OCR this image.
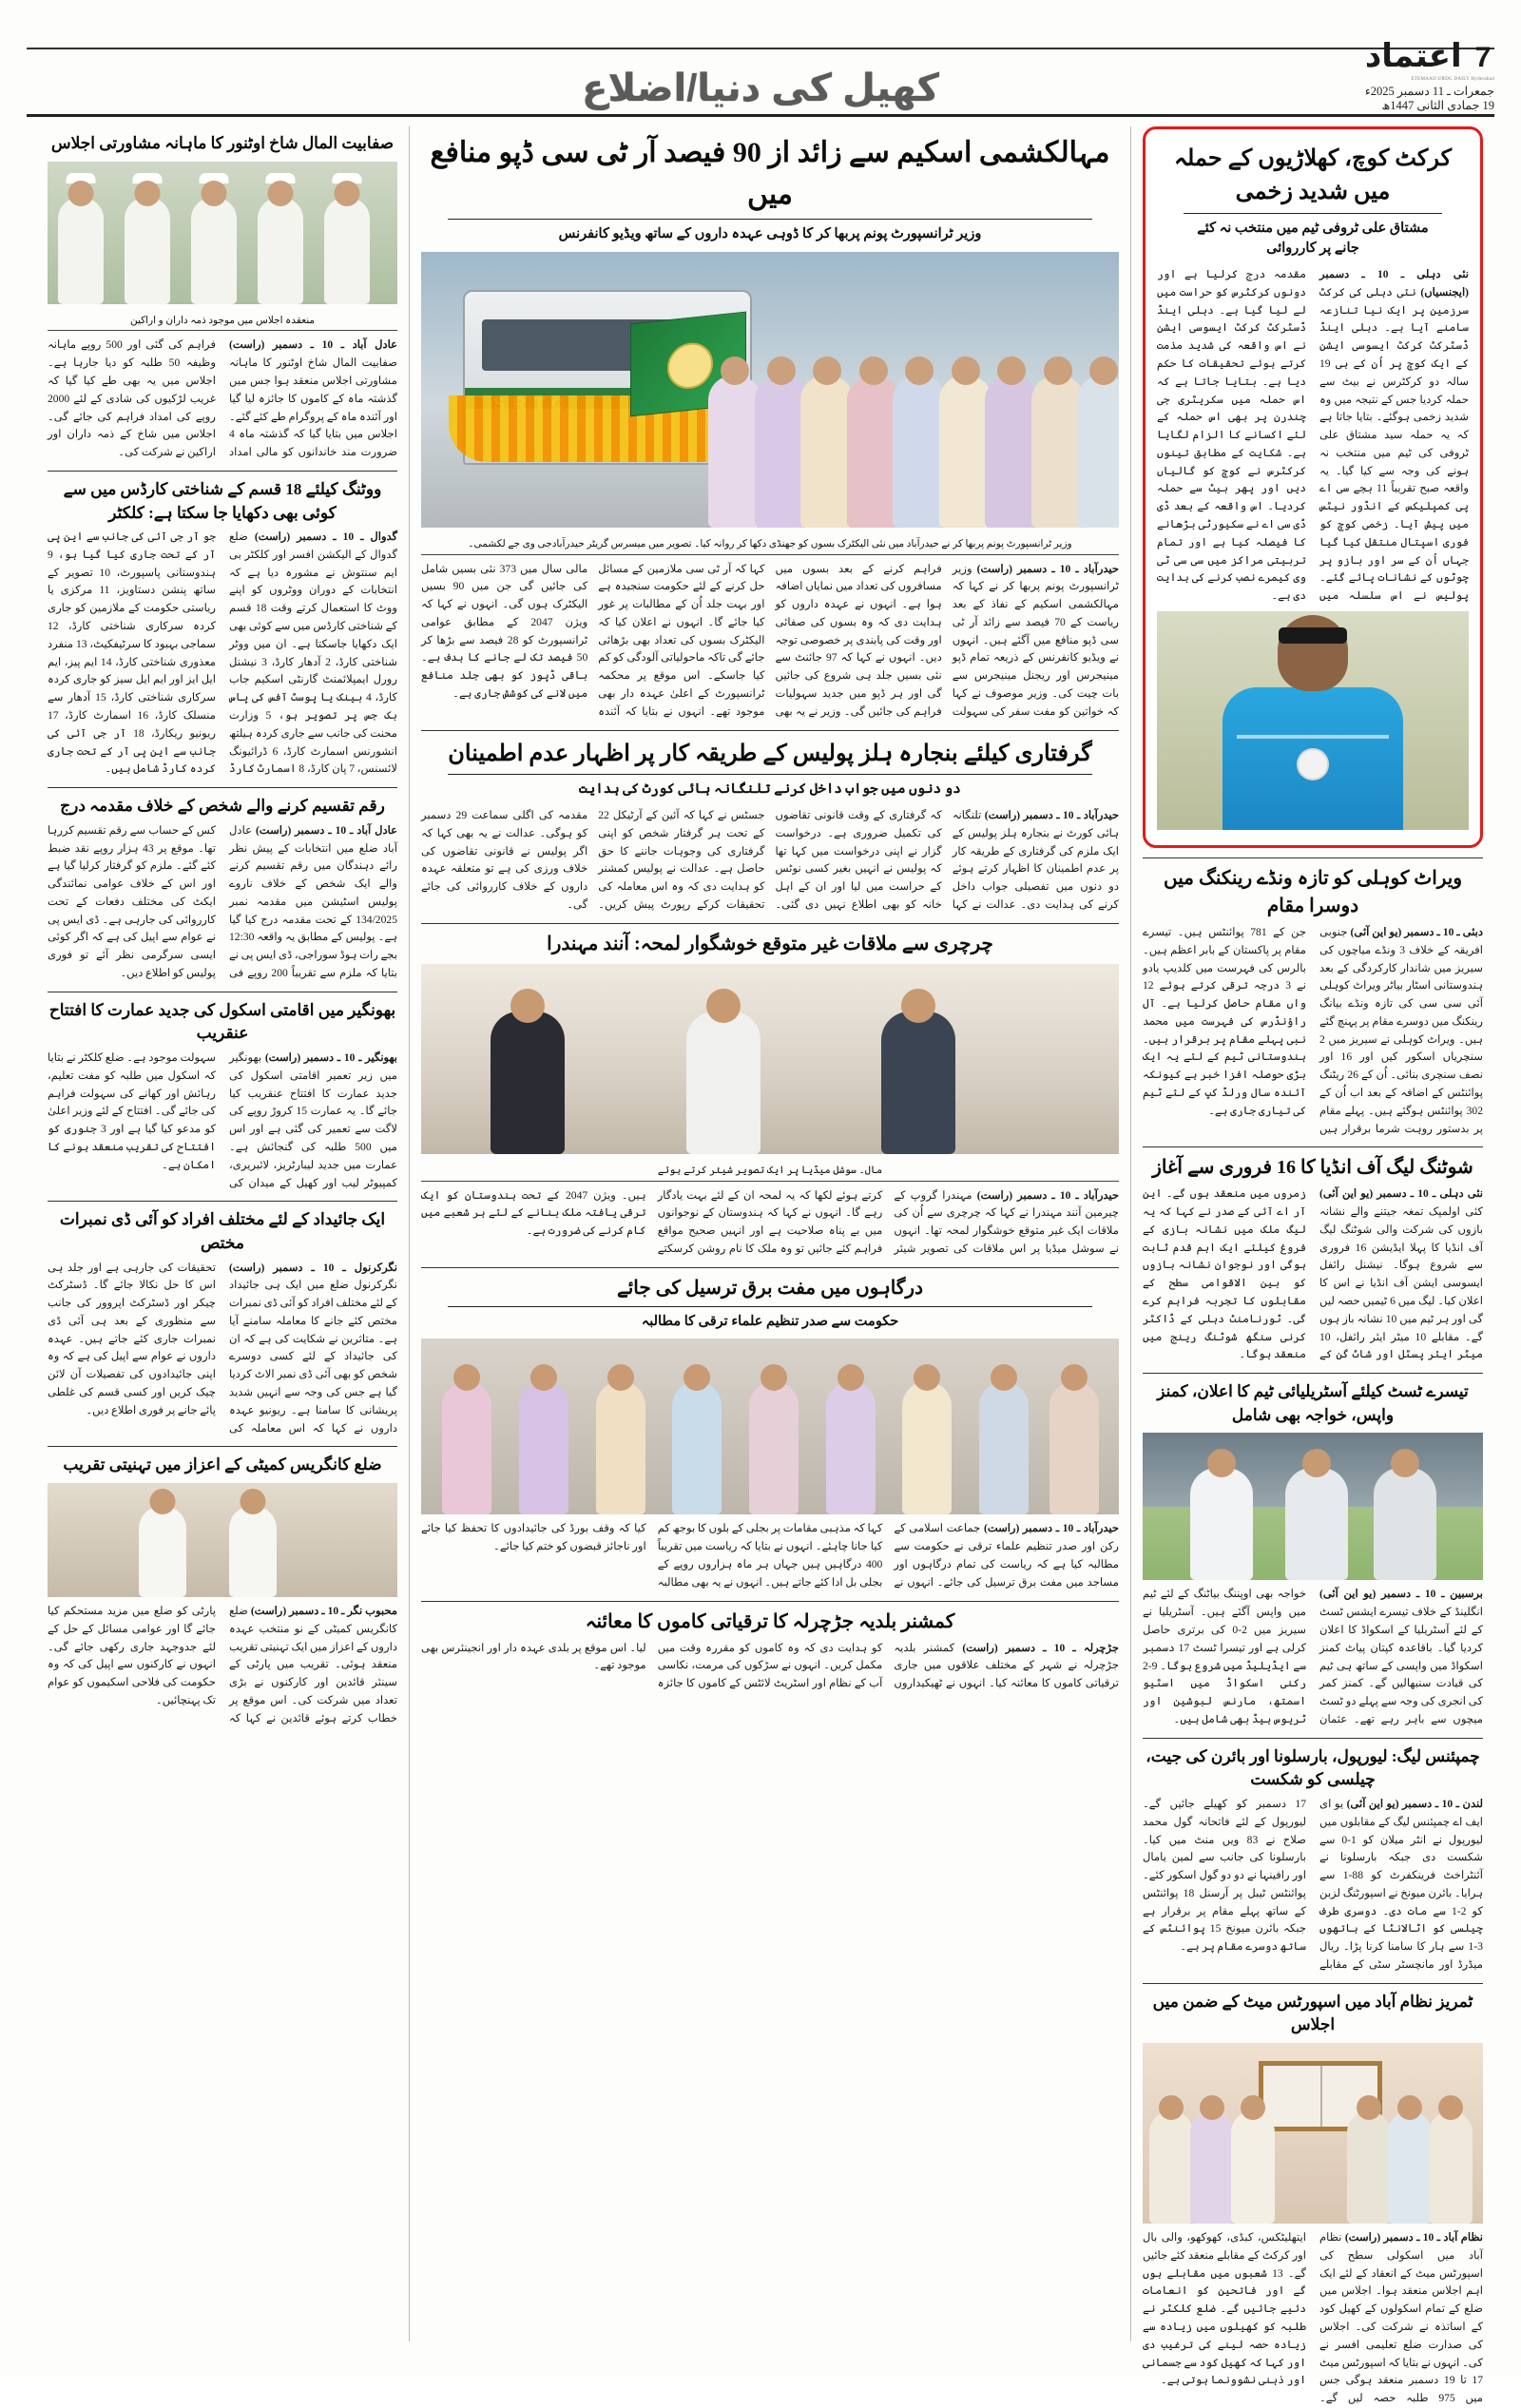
7
اعتماد
ETEMAAD URDU DAILY Hyderabad
جمعرات ـ 11 دسمبر 2025ء
19 جمادی الثانی 1447ھ
کھیل کی دنیا/اضلاع
کرکٹ کوچ، کھلاڑیوں کے حملہ میں شدید زخمی
مشتاق علی ٹروفی ٹیم میں منتخب نہ کئے جانے پر کارروائی
نئی دہلی ـ 10 ـ دسمبر (ایجنسیاں) نئی دہلی کی کرکٹ سرزمین پر ایک نیا تنازعہ سامنے آیا ہے۔ دہلی اینڈ ڈسٹرکٹ کرکٹ ایسوسی ایشن کے ایک کوچ پر اُن کے ہی 19 سالہ دو کرکٹرس نے بیٹ سے حملہ کردیا جس کے نتیجہ میں وہ شدید زخمی ہوگئے۔ بتایا جاتا ہے کہ یہ حملہ سید مشتاق علی ٹروفی کی ٹیم میں منتخب نہ ہونے کی وجہ سے کیا گیا۔ یہ واقعہ صبح تقریباً 11 بجے سی اے پی کمپلیکس کے انڈور نیٹس میں پیش آیا۔ زخمی کوچ کو فوری اسپتال منتقل کیا گیا جہاں اُن کے سر اور بازو پر چوٹوں کے نشانات پائے گئے۔ پولیس نے اس سلسلہ میں مقدمہ درج کرلیا ہے اور دونوں کرکٹرس کو حراست میں لے لیا گیا ہے۔ دہلی اینڈ ڈسٹرکٹ کرکٹ ایسوسی ایشن نے اس واقعہ کی شدید مذمت کرتے ہوئے تحقیقات کا حکم دیا ہے۔ بتایا جاتا ہے کہ اس حملہ میں سکریٹری جی چندرن پر بھی اس حملہ کے لئے اکسانے کا الزام لگایا ہے۔ شکایت کے مطابق تینوں کرکٹرس نے کوچ کو گالیاں دیں اور پھر بیٹ سے حملہ کردیا۔ اس واقعہ کے بعد ڈی ڈی سی اے نے سکیورٹی بڑھانے کا فیصلہ کیا ہے اور تمام تربیتی مراکز میں سی سی ٹی وی کیمرے نصب کرنے کی ہدایت دی ہے۔
ویراٹ کوہلی کو تازہ ونڈے رینکنگ میں دوسرا مقام
دبئی ـ 10 ـ دسمبر (یو این آئی) جنوبی افریقہ کے خلاف 3 ونڈے میاچوں کی سیریز میں شاندار کارکردگی کے بعد ہندوستانی اسٹار بیاٹر ویراٹ کوہلی آئی سی سی کی تازہ ونڈے بیانگ رینکنگ میں دوسرے مقام پر پہنچ گئے ہیں۔ ویراٹ کوہلی نے سیریز میں 2 سنچریاں اسکور کیں اور 16 اور نصف سنچری بنائی۔ اُن کے 26 ریٹنگ پوائنٹس کے اضافہ کے بعد اب اُن کے 302 پوائنٹس ہوگئے ہیں۔ پہلے مقام پر بدستور روہت شرما برقرار ہیں جن کے 781 پوائنٹس ہیں۔ تیسرے مقام پر پاکستان کے بابر اعظم ہیں۔ بالرس کی فہرست میں کلدیپ یادو نے 3 درجہ ترقی کرتے ہوئے 12 واں مقام حاصل کرلیا ہے۔ آل راؤنڈرس کی فہرست میں محمد نبی پہلے مقام پر برقرار ہیں۔ ہندوستانی ٹیم کے لئے یہ ایک بڑی حوصلہ افزا خبر ہے کیونکہ آئندہ سال ورلڈ کپ کے لئے ٹیم کی تیاری جاری ہے۔
شوٹنگ لیگ آف انڈیا کا 16 فروری سے آغاز
نئی دہلی ـ 10 ـ دسمبر (یو این آئی) کئی اولمپک تمغہ جیتنے والے نشانہ بازوں کی شرکت والی شوٹنگ لیگ آف انڈیا کا پہلا ایڈیشن 16 فروری سے شروع ہوگا۔ نیشنل رائفل ایسوسی ایشن آف انڈیا نے اس کا اعلان کیا۔ لیگ میں 6 ٹیمیں حصہ لیں گی اور ہر ٹیم میں 10 نشانہ باز ہوں گے۔ مقابلے 10 میٹر ایئر رائفل، 10 میٹر ایئر پسٹل اور شاٹ گن کے زمروں میں منعقد ہوں گے۔ این آر اے آئی کے صدر نے کہا کہ یہ لیگ ملک میں نشانہ بازی کے فروغ کیلئے ایک اہم قدم ثابت ہوگی اور نوجوان نشانہ بازوں کو بین الاقوامی سطح کے مقابلوں کا تجربہ فراہم کرے گی۔ ٹورنامنٹ دہلی کے ڈاکٹر کرنی سنگھ شوٹنگ رینج میں منعقد ہوگا۔
تیسرے ٹسٹ کیلئے آسٹریلیائی ٹیم کا اعلان، کمنز واپس، خواجہ بھی شامل
برسبین ـ 10 ـ دسمبر (یو این آئی) انگلینڈ کے خلاف تیسرے ایشس ٹسٹ کے لئے آسٹریلیا کے اسکواڈ کا اعلان کردیا گیا۔ باقاعدہ کپتان پیاٹ کمنز اسکواڈ میں واپسی کے ساتھ ہی ٹیم کی قیادت سنبھالیں گے۔ کمنز کمر کی انجری کی وجہ سے پہلے دو ٹسٹ میچوں سے باہر رہے تھے۔ عثمان خواجہ بھی اوپننگ بیاٹنگ کے لئے ٹیم میں واپس آگئے ہیں۔ آسٹریلیا نے سیریز میں 2-0 کی برتری حاصل کرلی ہے اور تیسرا ٹسٹ 17 دسمبر سے ایڈیلیڈ میں شروع ہوگا۔ 9-2 رکنی اسکواڈ میں اسٹیو اسمتھ، مارنس لبوشین اور ٹریوس ہیڈ بھی شامل ہیں۔
چمپئنس لیگ: لیورپول، بارسلونا اور بائرن کی جیت، چیلسی کو شکست
لندن ـ 10 ـ دسمبر (یو این آئی) یو ای ایف اے چمپئنس لیگ کے مقابلوں میں لیورپول نے انٹر میلان کو 1-0 سے شکست دی جبکہ بارسلونا نے آئنٹراخٹ فرینکفرٹ کو 88-1 سے ہرایا۔ بائرن میونخ نے اسپورٹنگ لزبن کو 2-1 سے مات دی۔ دوسری طرف چیلسی کو اٹالانٹا کے ہاتھوں 3-1 سے ہار کا سامنا کرنا پڑا۔ ریال میڈرڈ اور مانچسٹر سٹی کے مقابلے 17 دسمبر کو کھیلے جائیں گے۔ لیورپول کے لئے فاتحانہ گول محمد صلاح نے 83 ویں منٹ میں کیا۔ بارسلونا کی جانب سے لمین یامال اور رافینہا نے دو دو گول اسکور کئے۔ پوائنٹس ٹیبل پر آرسنل 18 پوائنٹس کے ساتھ پہلے مقام پر برقرار ہے جبکہ بائرن میونخ 15 پوائنٹس کے ساتھ دوسرے مقام پر ہے۔
ٹمریز نظام آباد میں اسپورٹس میٹ کے ضمن میں اجلاس
نظام آباد ـ 10 ـ دسمبر (راست) نظام آباد میں اسکولی سطح کی اسپورٹس میٹ کے انعقاد کے لئے ایک اہم اجلاس منعقد ہوا۔ اجلاس میں ضلع کے تمام اسکولوں کے کھیل کود کے اساتذہ نے شرکت کی۔ اجلاس کی صدارت ضلع تعلیمی افسر نے کی۔ انہوں نے بتایا کہ اسپورٹس میٹ 17 تا 19 دسمبر منعقد ہوگی جس میں 975 طلبہ حصہ لیں گے۔ ایتھلیٹکس، کبڈی، کھوکھو، والی بال اور کرکٹ کے مقابلے منعقد کئے جائیں گے۔ 13 شعبوں میں مقابلے ہوں گے اور فاتحین کو انعامات دئیے جائیں گے۔ ضلع کلکٹر نے طلبہ کو کھیلوں میں زیادہ سے زیادہ حصہ لینے کی ترغیب دی اور کہا کہ کھیل کود سے جسمانی اور ذہنی نشوونما ہوتی ہے۔
مہالکشمی اسکیم سے زائد از 90 فیصد آر ٹی سی ڈپو منافع میں
وزیر ٹرانسپورٹ پونم پربھا کر کا ڈوہی عہدہ داروں کے ساتھ ویڈیو کانفرنس
وزیر ٹرانسپورٹ پونم پربھا کر نے حیدرآباد میں نئی الیکٹرک بسوں کو جھنڈی دکھا کر روانہ کیا۔ تصویر میں میسرس گریٹر حیدرآبادجی وی جے لکشمی۔
حیدرآباد ـ 10 ـ دسمبر (راست) وزیر ٹرانسپورٹ پونم پربھا کر نے کہا کہ مہالکشمی اسکیم کے نفاذ کے بعد ریاست کے 70 فیصد سے زائد آر ٹی سی ڈپو منافع میں آگئے ہیں۔ انہوں نے ویڈیو کانفرنس کے ذریعہ تمام ڈپو مینیجرس اور ریجنل مینیجرس سے بات چیت کی۔ وزیر موصوف نے کہا کہ خواتین کو مفت سفر کی سہولت فراہم کرنے کے بعد بسوں میں مسافروں کی تعداد میں نمایاں اضافہ ہوا ہے۔ انہوں نے عہدہ داروں کو ہدایت دی کہ وہ بسوں کی صفائی اور وقت کی پابندی پر خصوصی توجہ دیں۔ انہوں نے کہا کہ 97 جائنٹ سے نئی بسیں جلد ہی شروع کی جائیں گی اور ہر ڈپو میں جدید سہولیات فراہم کی جائیں گی۔ وزیر نے یہ بھی کہا کہ آر ٹی سی ملازمین کے مسائل حل کرنے کے لئے حکومت سنجیدہ ہے اور بہت جلد اُن کے مطالبات پر غور کیا جائے گا۔ انہوں نے اعلان کیا کہ الیکٹرک بسوں کی تعداد بھی بڑھائی جائے گی تاکہ ماحولیاتی آلودگی کو کم کیا جاسکے۔ اس موقع پر محکمہ ٹرانسپورٹ کے اعلیٰ عہدہ دار بھی موجود تھے۔ انہوں نے بتایا کہ آئندہ مالی سال میں 373 نئی بسیں شامل کی جائیں گی جن میں 90 بسیں الیکٹرک ہوں گی۔ انہوں نے کہا کہ ویژن 2047 کے مطابق عوامی ٹرانسپورٹ کو 28 فیصد سے بڑھا کر 50 فیصد تک لے جانے کا ہدف ہے۔ باقی ڈپوز کو بھی جلد منافع میں لانے کی کوشش جاری ہے۔
گرفتاری کیلئے بنجارہ ہلز پولیس کے طریقہ کار پر اظہار عدم اطمینان
دو دنوں میں جواب داخل کرنے تلنگانہ ہائی کورٹ کی ہدایت
حیدرآباد ـ 10 ـ دسمبر (راست) تلنگانہ ہائی کورٹ نے بنجارہ ہلز پولیس کے ایک ملزم کی گرفتاری کے طریقہ کار پر عدم اطمینان کا اظہار کرتے ہوئے دو دنوں میں تفصیلی جواب داخل کرنے کی ہدایت دی۔ عدالت نے کہا کہ گرفتاری کے وقت قانونی تقاضوں کی تکمیل ضروری ہے۔ درخواست گزار نے اپنی درخواست میں کہا تھا کہ پولیس نے انہیں بغیر کسی نوٹس کے حراست میں لیا اور ان کے اہل خانہ کو بھی اطلاع نہیں دی گئی۔ جسٹس نے کہا کہ آئین کے آرٹیکل 22 کے تحت ہر گرفتار شخص کو اپنی گرفتاری کی وجوہات جاننے کا حق حاصل ہے۔ عدالت نے پولیس کمشنر کو ہدایت دی کہ وہ اس معاملہ کی تحقیقات کرکے رپورٹ پیش کریں۔ مقدمہ کی اگلی سماعت 29 دسمبر کو ہوگی۔ عدالت نے یہ بھی کہا کہ اگر پولیس نے قانونی تقاضوں کی خلاف ورزی کی ہے تو متعلقہ عہدہ داروں کے خلاف کارروائی کی جائے گی۔
چرچری سے ملاقات غیر متوقع خوشگوار لمحہ: آنند مہندرا
مال۔ سوشل میڈیا پر ایک تصویر شیئر کرتے ہوئے
حیدرآباد ـ 10 ـ دسمبر (راست) مہندرا گروپ کے چیرمین آنند مہندرا نے کہا کہ چرچری سے اُن کی ملاقات ایک غیر متوقع خوشگوار لمحہ تھا۔ انہوں نے سوشل میڈیا پر اس ملاقات کی تصویر شیئر کرتے ہوئے لکھا کہ یہ لمحہ ان کے لئے بہت یادگار رہے گا۔ انہوں نے کہا کہ ہندوستان کے نوجوانوں میں بے پناہ صلاحیت ہے اور انہیں صحیح مواقع فراہم کئے جائیں تو وہ ملک کا نام روشن کرسکتے ہیں۔ ویژن 2047 کے تحت ہندوستان کو ایک ترقی یافتہ ملک بنانے کے لئے ہر شعبے میں کام کرنے کی ضرورت ہے۔
درگاہوں میں مفت برق ترسیل کی جائے
حکومت سے صدر تنظیم علماء ترقی کا مطالبہ
حیدرآباد ـ 10 ـ دسمبر (راست) جماعت اسلامی کے رکن اور صدر تنظیم علماء ترقی نے حکومت سے مطالبہ کیا ہے کہ ریاست کی تمام درگاہوں اور مساجد میں مفت برق ترسیل کی جائے۔ انہوں نے کہا کہ مذہبی مقامات پر بجلی کے بلوں کا بوجھ کم کیا جانا چاہئے۔ انہوں نے بتایا کہ ریاست میں تقریباً 400 درگاہیں ہیں جہاں ہر ماہ ہزاروں روپے کے بجلی بل ادا کئے جاتے ہیں۔ انہوں نے یہ بھی مطالبہ کیا کہ وقف بورڈ کی جائیدادوں کا تحفظ کیا جائے اور ناجائز قبضوں کو ختم کیا جائے۔
کمشنر بلدیہ جڑچرلہ کا ترقیاتی کاموں کا معائنہ
جڑچرلہ ـ 10 ـ دسمبر (راست) کمشنر بلدیہ جڑچرلہ نے شہر کے مختلف علاقوں میں جاری ترقیاتی کاموں کا معائنہ کیا۔ انہوں نے ٹھیکیداروں کو ہدایت دی کہ وہ کاموں کو مقررہ وقت میں مکمل کریں۔ انہوں نے سڑکوں کی مرمت، نکاسی آب کے نظام اور اسٹریٹ لائٹس کے کاموں کا جائزہ لیا۔ اس موقع پر بلدی عہدہ دار اور انجینئرس بھی موجود تھے۔
صفابیت المال شاخ اوٹنور کا ماہانہ مشاورتی اجلاس
منعقدہ اجلاس میں موجود ذمہ داران و اراکین
عادل آباد ـ 10 ـ دسمبر (راست) صفابیت المال شاخ اوٹنور کا ماہانہ مشاورتی اجلاس منعقد ہوا جس میں گذشتہ ماہ کے کاموں کا جائزہ لیا گیا اور آئندہ ماہ کے پروگرام طے کئے گئے۔ اجلاس میں بتایا گیا کہ گذشتہ ماہ 4 ضرورت مند خاندانوں کو مالی امداد فراہم کی گئی اور 500 روپے ماہانہ وظیفہ 50 طلبہ کو دیا جارہا ہے۔ اجلاس میں یہ بھی طے کیا گیا کہ غریب لڑکیوں کی شادی کے لئے 2000 روپے کی امداد فراہم کی جائے گی۔ اجلاس میں شاخ کے ذمہ داران اور اراکین نے شرکت کی۔
ووٹنگ کیلئے 18 قسم کے شناختی کارڈس میں سے کوئی بھی دکھایا جا سکتا ہے: کلکٹر
گدوال ـ 10 ـ دسمبر (راست) ضلع گدوال کے الیکشن افسر اور کلکٹر بی ایم سنتوش نے مشورہ دیا ہے کہ انتخابات کے دوران ووٹروں کو اپنے ووٹ کا استعمال کرتے وقت 18 قسم کے شناختی کارڈس میں سے کوئی بھی ایک دکھایا جاسکتا ہے۔ ان میں ووٹر شناختی کارڈ، 2 آدھار کارڈ، 3 نیشنل رورل ایمپلائمنٹ گارنٹی اسکیم جاب کارڈ، 4 بینک یا پوسٹ آفس کی پاس بک جس پر تصویر ہو، 5 وزارت محنت کی جانب سے جاری کردہ ہیلتھ انشورنس اسمارٹ کارڈ، 6 ڈرائیونگ لائسنس، 7 پان کارڈ، 8 اسمارٹ کارڈ جو آر جی آئی کی جانب سے این پی آر کے تحت جاری کیا گیا ہو، 9 ہندوستانی پاسپورٹ، 10 تصویر کے ساتھ پنشن دستاویز، 11 مرکزی یا ریاستی حکومت کے ملازمین کو جاری کردہ سرکاری شناختی کارڈ، 12 سماجی بہبود کا سرٹیفکیٹ، 13 منفرد معذوری شناختی کارڈ، 14 ایم پیز، ایم ایل ایز اور ایم ایل سیز کو جاری کردہ سرکاری شناختی کارڈ، 15 آدھار سے منسلک کارڈ، 16 اسمارٹ کارڈ، 17 ریونیو ریکارڈ، 18 آر جی آئی کی جانب سے این پی آر کے تحت جاری کردہ کارڈ شامل ہیں۔
رقم تقسیم کرنے والے شخص کے خلاف مقدمہ درج
عادل آباد ـ 10 ـ دسمبر (راست) عادل آباد ضلع میں انتخابات کے پیش نظر رائے دہندگان میں رقم تقسیم کرنے والے ایک شخص کے خلاف ناروے پولیس اسٹیشن میں مقدمہ نمبر 134/2025 کے تحت مقدمہ درج کیا گیا ہے۔ پولیس کے مطابق یہ واقعہ 12:30 بجے رات ہوڈ سوراجی، ڈی ایس پی نے بتایا کہ ملزم سے تقریباً 200 روپے فی کس کے حساب سے رقم تقسیم کررہا تھا۔ موقع پر 43 ہزار روپے نقد ضبط کئے گئے۔ ملزم کو گرفتار کرلیا گیا ہے اور اس کے خلاف عوامی نمائندگی ایکٹ کی مختلف دفعات کے تحت کارروائی کی جارہی ہے۔ ڈی ایس پی نے عوام سے اپیل کی ہے کہ اگر کوئی ایسی سرگرمی نظر آئے تو فوری پولیس کو اطلاع دیں۔
بھونگیر میں اقامتی اسکول کی جدید عمارت کا افتتاح عنقریب
بھونگیر ـ 10 ـ دسمبر (راست) بھونگیر میں زیر تعمیر اقامتی اسکول کی جدید عمارت کا افتتاح عنقریب کیا جائے گا۔ یہ عمارت 15 کروڑ روپے کی لاگت سے تعمیر کی گئی ہے اور اس میں 500 طلبہ کی گنجائش ہے۔ عمارت میں جدید لیبارٹریز، لائبریری، کمپیوٹر لیب اور کھیل کے میدان کی سہولت موجود ہے۔ ضلع کلکٹر نے بتایا کہ اسکول میں طلبہ کو مفت تعلیم، رہائش اور کھانے کی سہولت فراہم کی جائے گی۔ افتتاح کے لئے وزیر اعلیٰ کو مدعو کیا گیا ہے اور 3 جنوری کو افتتاح کی تقریب منعقد ہونے کا امکان ہے۔
ایک جائیداد کے لئے مختلف افراد کو آئی ڈی نمبرات مختص
نگرکرنول ـ 10 ـ دسمبر (راست) نگرکرنول ضلع میں ایک ہی جائیداد کے لئے مختلف افراد کو آئی ڈی نمبرات مختص کئے جانے کا معاملہ سامنے آیا ہے۔ متاثرین نے شکایت کی ہے کہ ان کی جائیداد کے لئے کسی دوسرے شخص کو بھی آئی ڈی نمبر الاٹ کردیا گیا ہے جس کی وجہ سے انہیں شدید پریشانی کا سامنا ہے۔ ریونیو عہدہ داروں نے کہا کہ اس معاملہ کی تحقیقات کی جارہی ہے اور جلد ہی اس کا حل نکالا جائے گا۔ ڈسٹرکٹ چیکر اور ڈسٹرکٹ اپروور کی جانب سے منظوری کے بعد ہی آئی ڈی نمبرات جاری کئے جاتے ہیں۔ عہدہ داروں نے عوام سے اپیل کی ہے کہ وہ اپنی جائیدادوں کی تفصیلات آن لائن چیک کریں اور کسی قسم کی غلطی پائے جانے پر فوری اطلاع دیں۔
ضلع کانگریس کمیٹی کے اعزاز میں تہنیتی تقریب
محبوب نگر ـ 10 ـ دسمبر (راست) ضلع کانگریس کمیٹی کے نو منتخب عہدہ داروں کے اعزاز میں ایک تہنیتی تقریب منعقد ہوئی۔ تقریب میں پارٹی کے سینئر قائدین اور کارکنوں نے بڑی تعداد میں شرکت کی۔ اس موقع پر خطاب کرتے ہوئے قائدین نے کہا کہ پارٹی کو ضلع میں مزید مستحکم کیا جائے گا اور عوامی مسائل کے حل کے لئے جدوجہد جاری رکھی جائے گی۔ انہوں نے کارکنوں سے اپیل کی کہ وہ حکومت کی فلاحی اسکیموں کو عوام تک پہنچائیں۔
